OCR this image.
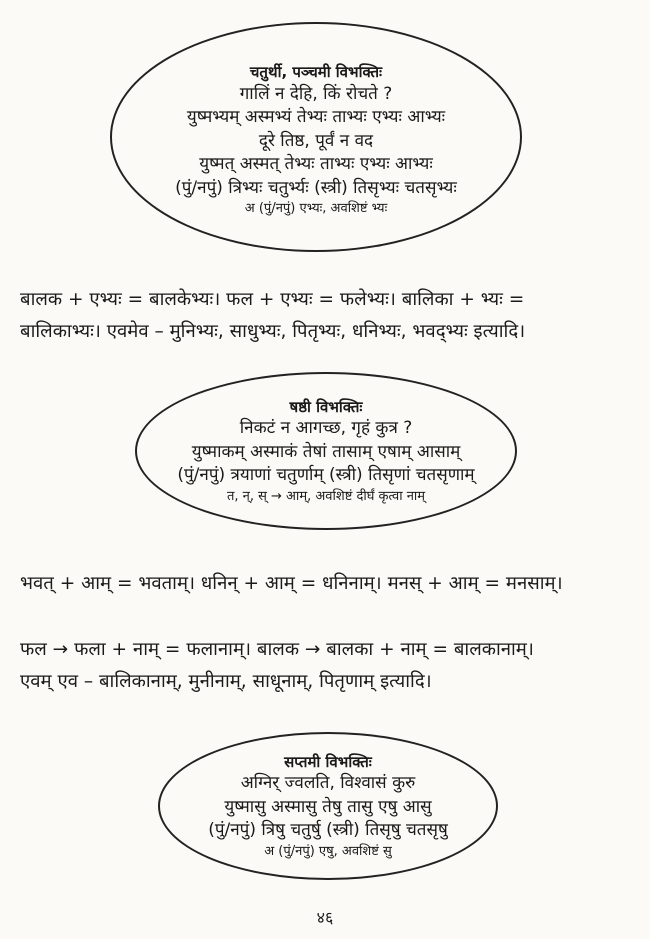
चतुर्थी, पञ्चमी विभक्तिः
गालिं न देहि, किं रोचते ?
युष्मभ्यम् अस्मभ्यं तेभ्यः ताभ्यः एभ्यः आभ्यः
दूरे तिष्ठ, पूर्वं न वद
युष्मत् अस्मत् तेभ्यः ताभ्यः एभ्यः आभ्यः
(पुं/नपुं) त्रिभ्यः चतुर्भ्यः (स्त्री) तिसृभ्यः चतसृभ्यः
अ (पुं/नपुं) एभ्यः, अवशिष्टं भ्यः
बालक + एभ्यः = बालकेभ्यः। फल + एभ्यः = फलेभ्यः। बालिका + भ्यः =
बालिकाभ्यः। एवमेव – मुनिभ्यः, साधुभ्यः, पितृभ्यः, धनिभ्यः, भवद्भ्यः इत्यादि।
षष्ठी विभक्तिः
निकटं न आगच्छ, गृहं कुत्र ?
युष्माकम् अस्माकं तेषां तासाम् एषाम् आसाम्
(पुं/नपुं) त्रयाणां चतुर्णाम् (स्त्री) तिसृणां चतसृणाम्
त, न्, स् → आम्, अवशिष्टं दीर्घं कृत्वा नाम्
भवत् + आम् = भवताम्। धनिन् + आम् = धनिनाम्। मनस् + आम् = मनसाम्।
फल → फला + नाम् = फलानाम्। बालक → बालका + नाम् = बालकानाम्।
एवम् एव – बालिकानाम्, मुनीनाम्, साधूनाम्, पितृणाम् इत्यादि।
सप्तमी विभक्तिः
अग्निर् ज्वलति, विश्वासं कुरु
युष्मासु अस्मासु तेषु तासु एषु आसु
(पुं/नपुं) त्रिषु चतुर्षु (स्त्री) तिसृषु चतसृषु
अ (पुं/नपुं) एषु, अवशिष्टं सु
४६
